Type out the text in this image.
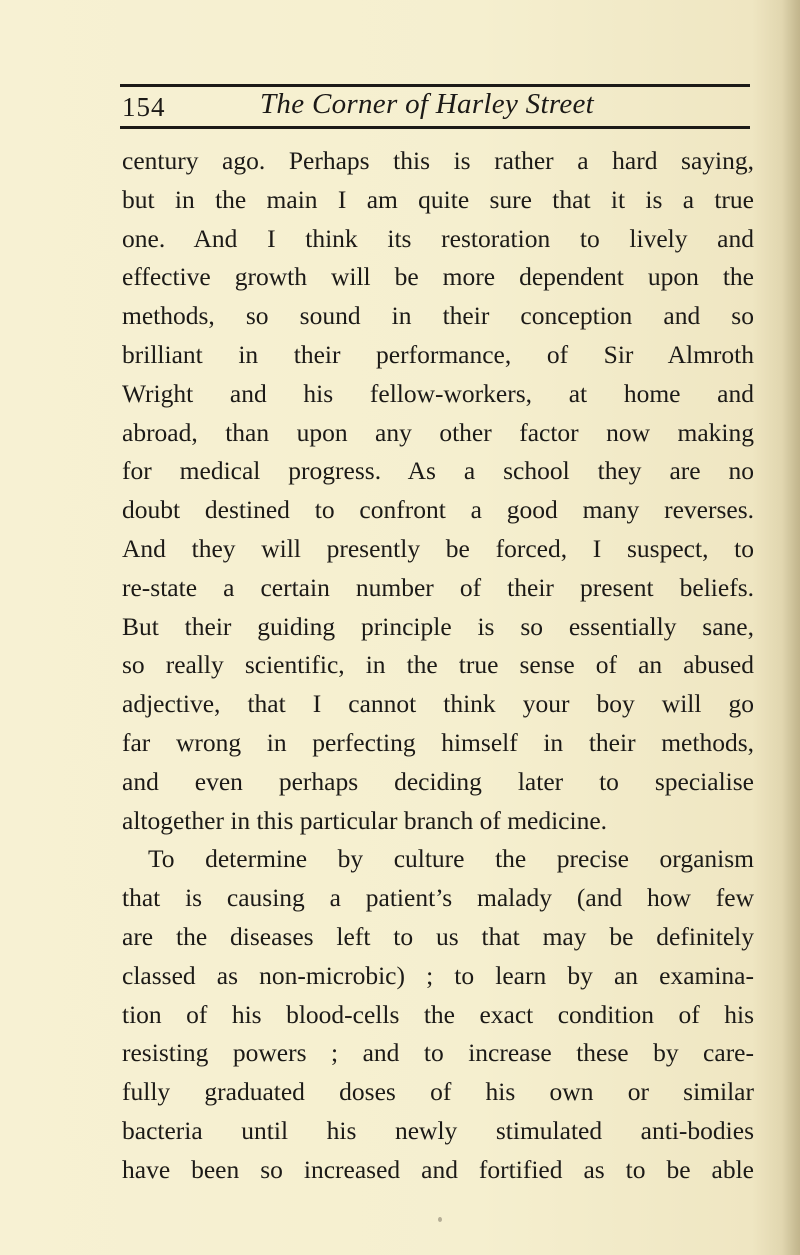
154	The Corner of Harley Street
century ago. Perhaps this is rather a hard saying,
but in the main I am quite sure that it is a true
one. And I think its restoration to lively and
effective growth will be more dependent upon the
methods, so sound in their conception and so
brilliant in their performance, of Sir Almroth
Wright and his fellow-workers, at home and
abroad, than upon any other factor now making
for medical progress. As a school they are no
doubt destined to confront a good many reverses.
And they will presently be forced, I suspect, to
re-state a certain number of their present beliefs.
But their guiding principle is so essentially sane,
so really scientific, in the true sense of an abused
adjective, that I cannot think your boy will go
far wrong in perfecting himself in their methods,
and even perhaps deciding later to specialise
altogether in this particular branch of medicine.
To determine by culture the precise organism
that is causing a patient’s malady (and how few
are the diseases left to us that may be definitely
classed as non-microbic) ; to learn by an examina-
tion of his blood-cells the exact condition of his
resisting powers ; and to increase these by care-
fully graduated doses of his own or similar
bacteria until his newly stimulated anti-bodies
have been so increased and fortified as to be able
